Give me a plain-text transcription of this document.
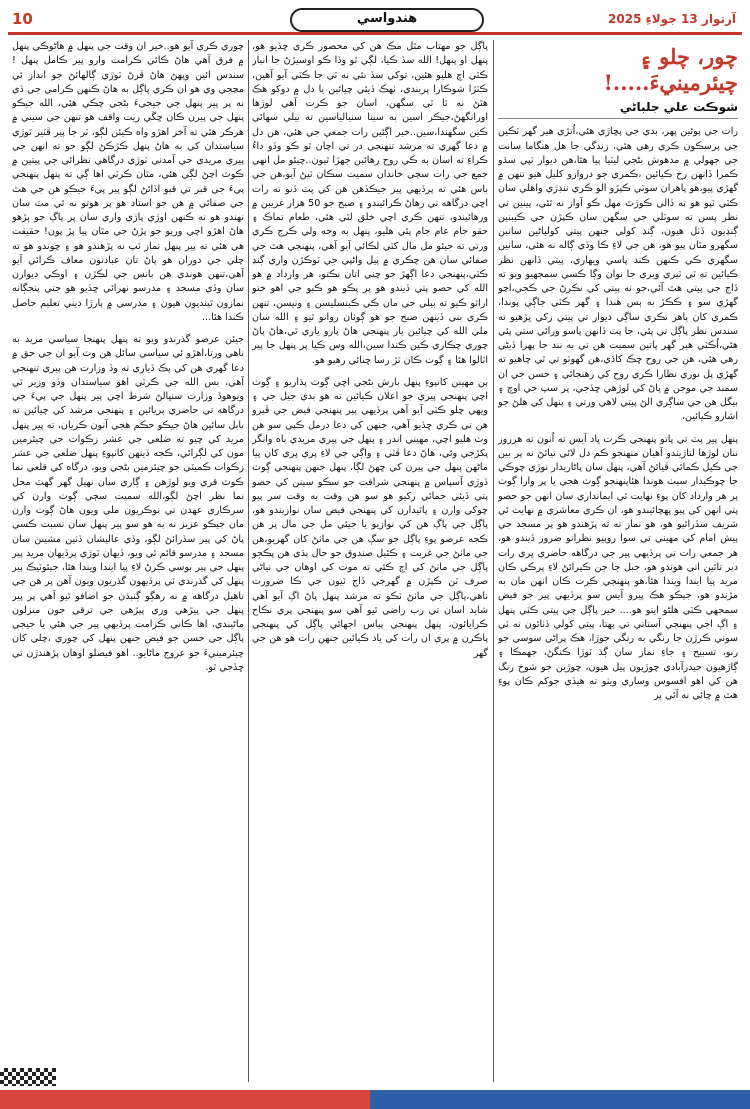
10	هندواسي	آرتوار 13 جولاءِ 2025
چور، چلو ۽ چيئرمينيءَ.....!
شوڪت علي جلباڻي

رات جي پوئين پهر، بدي جي پڇاڙي هئي،اُتڙي هير گهر ٽڪين جي پرسڪون ڪري رهي هئي، زندگي جا هل هنگاما سانت جي جهولي ۾ مدهوش بڻجي ليٽيا پيا هئا،هن ديوار ٽپي سڌو ڪمرا ڏانهن رخ ڪيائين ،ڪمري جو دروازو کليل هيو تنهن ۾ گهڙي پيو،هو پاهران سوٽي ڪپڙو الو ڪري ننڊڙي واهلي سان ڪٽي ٽپو هو ته ڏالي ڪوڙٿ مهل ڪو آواز نه ٿئي، پينين تي نظر پسن ته سوٽلي جي سگهن سان ڪپڙن جي ڪيبنين ڳنڍيون ڏٺل هيون، ڳنڍ کولي جنهن پيتي کولياڻين سانين سگهرو مٿان پيو هو، هن جي لاءِ ڪا وڏي ڳاله نه هئي، سانين سگهري ڪي ڪنهن ڪند پاسي ويهاري، پيتي ڏانهن نظر ڪيائين ته ٽي ٽيري ويري جا نوان وڳا ڪسي سمجهيو ويو ته ڏاج جي پيتي هٿ آئي،جو نه پيتي کي نڪرڻ جي ڪجي،اڃو گهڙي سو ۽ ڪڪڙ به ٻس هندا ۽ گهر ڪٽي جاڳي پوندا، ڪمري کان ٻاهر نڪري ساڳي ديوار تي پيتي رکي ڀڙهيو ته سندس نظر پاڳل تي پئي، جا پٽ ڏانهن پاسو ورائي ستي پئي هئي،اُڪٽي هير گهر پاتين سميت هن تي به نند جا پهرا ڏيڻي رهي هئي، هن جي روح ڇڪ کاڌي،هن گهوٽو تي ٿي چاهيو ته گهڙي پل نوري نظارا ڪري روح کي رهنجائي ۽ حسن جي ان سمند جي موجن ۾ پاڻ کي لوڙهي ڇڏجي، پر سپ جي اوچ ۽ بيگل هن جي ساڳري الڻ پيتي لاهي ورتي ۽ پنهل کي هلڻ جو اشارو ڪيائين،

پنهل پير پٽ تي پاتو پنهنجي ڪرت ڀاد آيس ته اُنون ته هرروز ننان لوڙها لتاڙيندو آهيان منهنجو ڪم دل لائي نيائڻ نه پر بين جي ڪيل ڪمائي ڦيائڻ آهي، پنهل سان پاڻاريدار نوڙي چوڪي جا چوڪيدار سيٺ هوندا هئاپنهنجو ڳوٺ هجي يا پر وارا ڳوٺ پر هر وارداد کان پوءِ نهايت ئي ايمانداري سان انهن جو حصو پتي انهن کي پيو پهچائيندو هو، ان ڪري معاشري ۾ نهايت ئي شريف سڏرائيو هو، هو نماز ته ته پڙهندو هو پر مسجد جي پيش امام کي مهيني تي سوا روپيو نظرانو ضرور ڏيندو هو، هر جمعي رات تي پرڏيهي پير جي درگاهه حاضري ڀري رات دير تائين اتي هوندو هو، جبل جا جن ڪيرائڻ لاءِ پرڪي ڪان مريد پيا ايندا ويندا هئا،هو پنهنجي ڪرت ڪان انهن مان به مڙندو هو، جيڪو هڪ ڀيرو آيس سو پرڏيهي پير جو فيض سمجهي ڪٽي هلڻو اينو هو.... خير پاڳل جي پيتي ڪٽي پنهل ۽ اڳ اجي پنهنجي آستاني تي پهتا، پيتي کولي ڏٺائون ته ٽي سوني ڪرڙن جا رنگي به رنگي جوڙا، هڪ پراڻي سوسي جو رنو، تسبيح ۽ جاءِ نماز سان ڳڌ ٽوڙا ڪنگڻ، جهمڪا ۽ ڳاڙهيون حيدرآبادي چوڙيون پيل هيون، چوڙين جو شوخ رنگ هن کي اهو افسوس وساري ويٺو ته هيڏي جوکم ڪان پوءِ هٿ ۾ ڇائي نه آئي پر

پاڳل جو مهتاب مٿل مڪ هن کي محصور ڪري ڇڏيو هو، پنهل او پنهل! الله سڏ ڪيا، لڳي ٿو وڏا ڪو اوسيڙڻ جا انبار ڪٽي اچ هليو هئين، توکي سڏ نئي نه ٽي جا ڪٽي آيو آهين، ڪٽڙا شوڪارا پريندي، ٺهڪ ڏيئي چيائين يا دل ۾ دوکو هڪ هٿڻ نه ٿا ٿي سگهن، اسان جو ڪرت آهي لوڙها اورانگهڻ،جيڪر اسين به سينا سنيالياسين ته بيلي سهائي ڪين سگهندا،سين..خير اڳئين رات جمعي جي هئي، هن دل ۾ دعا گهري ته مرشد تنهنجي در تي اچان ٿو ڪو وڏو داءُ ڪراءِ ته اسان به ڪي روح رهائين جهڙا ٿيون..چيئو مل انهي جمع جي رات سڄي خاندان سميت سڪان ٽيڻ آيو،هن جي باس هئي ته پرڏيهي پير جيڪڏهن هن کي پٽ ڏنو ته رات اچي درگاهه تي رهاڻ ڪرائيندو ۽ صبح جو 50 هزار غريبن ۾ ورهائيندو، تنهن ڪري اچي خلق لٿي هئي، طعام تماڪ ۽ حقو جام عام جام پئي هليو، پنهل به وجه ولي ڪرج ڪري ورتي ته جيئو مل مال کٽي لڪائي آيو آهي، پنهنجي هٿ جي صفائي سان هن چڪري ۾ پيل واڻپي جي ٽوڪڙن واري ڳنڍ ڪٽي،پنهنجي دعا اڳهڙ جو ڇني اتان نڪتو، هر وارداد ۾ هو الله کي حصو پتي ڏيندو هو پر پڪو هو ڪبو جي اهو ختو اراثو ڪيو ته بيلي جي مان ڪي ڪينسليسن ۽ ونيسن، تنهن ڪري بني ڏينهن صبح جو هو ڳوٺان روانو ٿيو ۽ الله سان ملي الله کي چيائين يار پنهنجي هاڻ پارو ياري ٿي،هاڻ پاڻ چوري چڪاري ڪين ڪندا سين،الله وس ڪيا پر پنهل جا پير اٽالوا هئا ۽ ڳوٺ ڪان ٽڙ رسا ڇنائي رهيو هو.

ٻن مهينن کانپوءِ پنهل بارش بڻجي اچي ڳوٺ پڌاريو ۽ ڳوٺ اچي پنهنجي پيري جو اعلان ڪيائين ته هو بدي جيل جي ۽ ويهي چلو ڪٽي آيو آهي پرڏيهي پير پنهنجي فيض جي ڦيرو هن تي ڪري ڇڏيو آهي، جنهن کي دعا درمل ڪپي سو هن وٽ هليو اچي، مهيني اندر ۽ پنهل جي پيري مريدي باه وانگر پکڙجي وئي، هاڻ دعا ڦٽي ۽ واڳي جي لاءِ پري پري کان پيا ماڻهن پنهل جي پيرن کي ڇهڻ لڳا، پنهل جنهن پنهنجي ڳوٺ ڏوڙي آسپاس ۾ پنهنجي شرافت جو سڪو سينن کي حصو پتي ڏيئي جمائي رکيو هو سو هن وقت به وقت سر پيو چوکي وارن ۽ پاٿيدارن کي پنهنجي فيض سان نوازيندو هو، پاڳل جي پاڳ هن کي نوازيو يا جيئي مل جي مال پر هن ڪجه عرصو پوءِ پاڳل جو سڳ هن جي ماٺڻ کان گهريو،هن جي ماٺڻ جي غربت ۽ ڪئيل صندوق جو حال ٻڌي هن پڪجو پاڳل جي ماٺڻ کي اچ ڪئي ته موت کي اوهان جي نياڻي صرف ٽن ڪپڙن ۾ گهرجي ڏاج ٽيون جي ڪا ضرورت ناهي،پاڳل جي ماٺڻ ٽڪو ته مرشد پنهل پاڻ اڳ آيو آهي شايد اسان تي رب راضي ٿيو آهي سو پنهنجي پري نڪاح ڪرايائون، پنهل پنهنجي پياس اجهائي پاڳل کي پنهنجي پاڪرن ۾ پري ان رات کي ياد ڪيائين جنهن رات هو هن جي گهر

چوري ڪري آيو هو..خير ان وقت جي پنهل ۾ هاڻوڪي پنهل ۾ فرق آهي هاڻ ڪائي ڪرامت وارو پير ڪامل پنهل ! سندس ائين وپهڻ هاڻ ڦرڻ ٽوڙي ڳالهائڻ جو انداز ئي مڃجي وي هو ان ڪري پاڳل به هاڻ ڪنهن ڪرامي جي ڏي نه پر پير پنهل جي جيجيءَ بڻجي چڪي هئي، الله جيڪو پنهل جي پيرن ڪان ڇڱي ريت واقف هو تنهن جي سيني ۾ هرڪر هئي ته آخر اهڙو واه ڪيئن لڳو، ٽر جا پير ڦٽير ٽوڙي سياستدان کي به هاڻ پنهل ڪڙڪڻ لڳو جو ته انهن جي پيري مريدي جي آمدني ٽوڙي درگاهي نظرائي جي پيتين ۾ ڪوٽ اڃڻ لڳي هئي، مٿان ڪرٽي اها ڳي ته پنهل پنهنجي پيءَ جي قبر تي قبو اڏائڻ لڳو پير پيءَ جيڪو هن جي هٿ جي صفائي ۾ هن جو استاد هو پر هوتو نه ئي مٽ سان نهندو هو نه ڪنهن اوڙي پاڙي واري سان پر پاڳ جو پڙهو هاڻ اهڙو اچي وريو جو پڙڻ جي مٿان پيا پڙ پون! حقيقت هي هئي ته پير پنهل نماز ٽپ نه پڙهندو هو ۽ چوندو هو ته چلي جي دوران هو پاڻ تان عبادتون معاف ڪرائي آيو آهي،تنهن هوندي هن بانس جي لڪڙن ۽ اوڪي ديوارن سان وڏي مسجد ۽ مدرسو نهرائي ڇڏيو هو جتي پنجڳانه نمازون ٿينديون هيون ۽ مدرسي ۾ ٻارڙا ديني تعليم حاصل ڪندا هئا...

جيئن عرصو گذرندو ويو ته پنهل پنهنجا سياسي مريد به ناهي ورتا،اهڙو ئي سياسي سائل هن وٽ آيو ان جي حق ۾ دعا گهري هن کي پڪ ڏياري ته وڏ وزارت هن پيري تنهنجي آهي، بس الله جي ڪرٽي اهو سياستدان وڏو وزير ٿي ويوهوڏ وزارت سنڀالڻ شرط اچي پير پنهل جي پيءَ جي درگاهه تي حاضري پريائين ۽ پنهنجي مرشد کي چيائين ته بابل سائين هاڻ جيڪو حڪم هجي آنون ڪريان، ته پير پنهل مريد کي چيو ته ضلعي جي عشر زڪوات جي چيئرمين مون کي لڳرائي، ڪجه ڏينهن کانپوءِ پنهل ضلعي جي عشر زڪوات ڪميٽي جو چيئرمين بڻجي ويو، درگاه کي قلعي نما ڪوٽ قري ويو لوڙهن ۽ ڳاري سان نهيل گهر گهٽ محل نما نظر اچڻ لڳو،الله سميت سڄي ڳوٺ وارن کي سرڪاري عهدن تي نوڪريون ملي ويون هاڻ ڳوٺ وارن مان جيڪو عزيز نه به هو سو پير پنهل سان نسبت ڪسي پاڻ کي پير سڏرائڻ لڳو، وڏي عاليشان ڏٺين مشينن سان مسجد ۽ مدرسو قائم ٿي ويو، ڏيهان ٽوڙي پرڏيهان مريد پير پنهل جي پير بوسي ڪرڻ لاءِ پيا ايندا ويندا هئا، جيئوٽيڪ پير پنهل کي گذرندي ٽي پرڏيهون گذريون ويون آهن پر هن جي ناهيل درگاهه ۾ نه رهڳو ڳنبذن جو اضافو ٿيو آهي پر پير پنهل جي پيڙهي وري پيڙهي جي ترقي جون منزلون ماڻيندي، اها ڪاني ڪرامت پرڏيهي پير جي هئي يا جيجي پاڳل جي حسن جو فيض جنهن پنهل کي چوري ،چلي کان چيئرمينيءَ جو عروج ماڻايو.. اهو فيصلو اوهان پڙهندڙن تي ڇڏجي ٿو.
